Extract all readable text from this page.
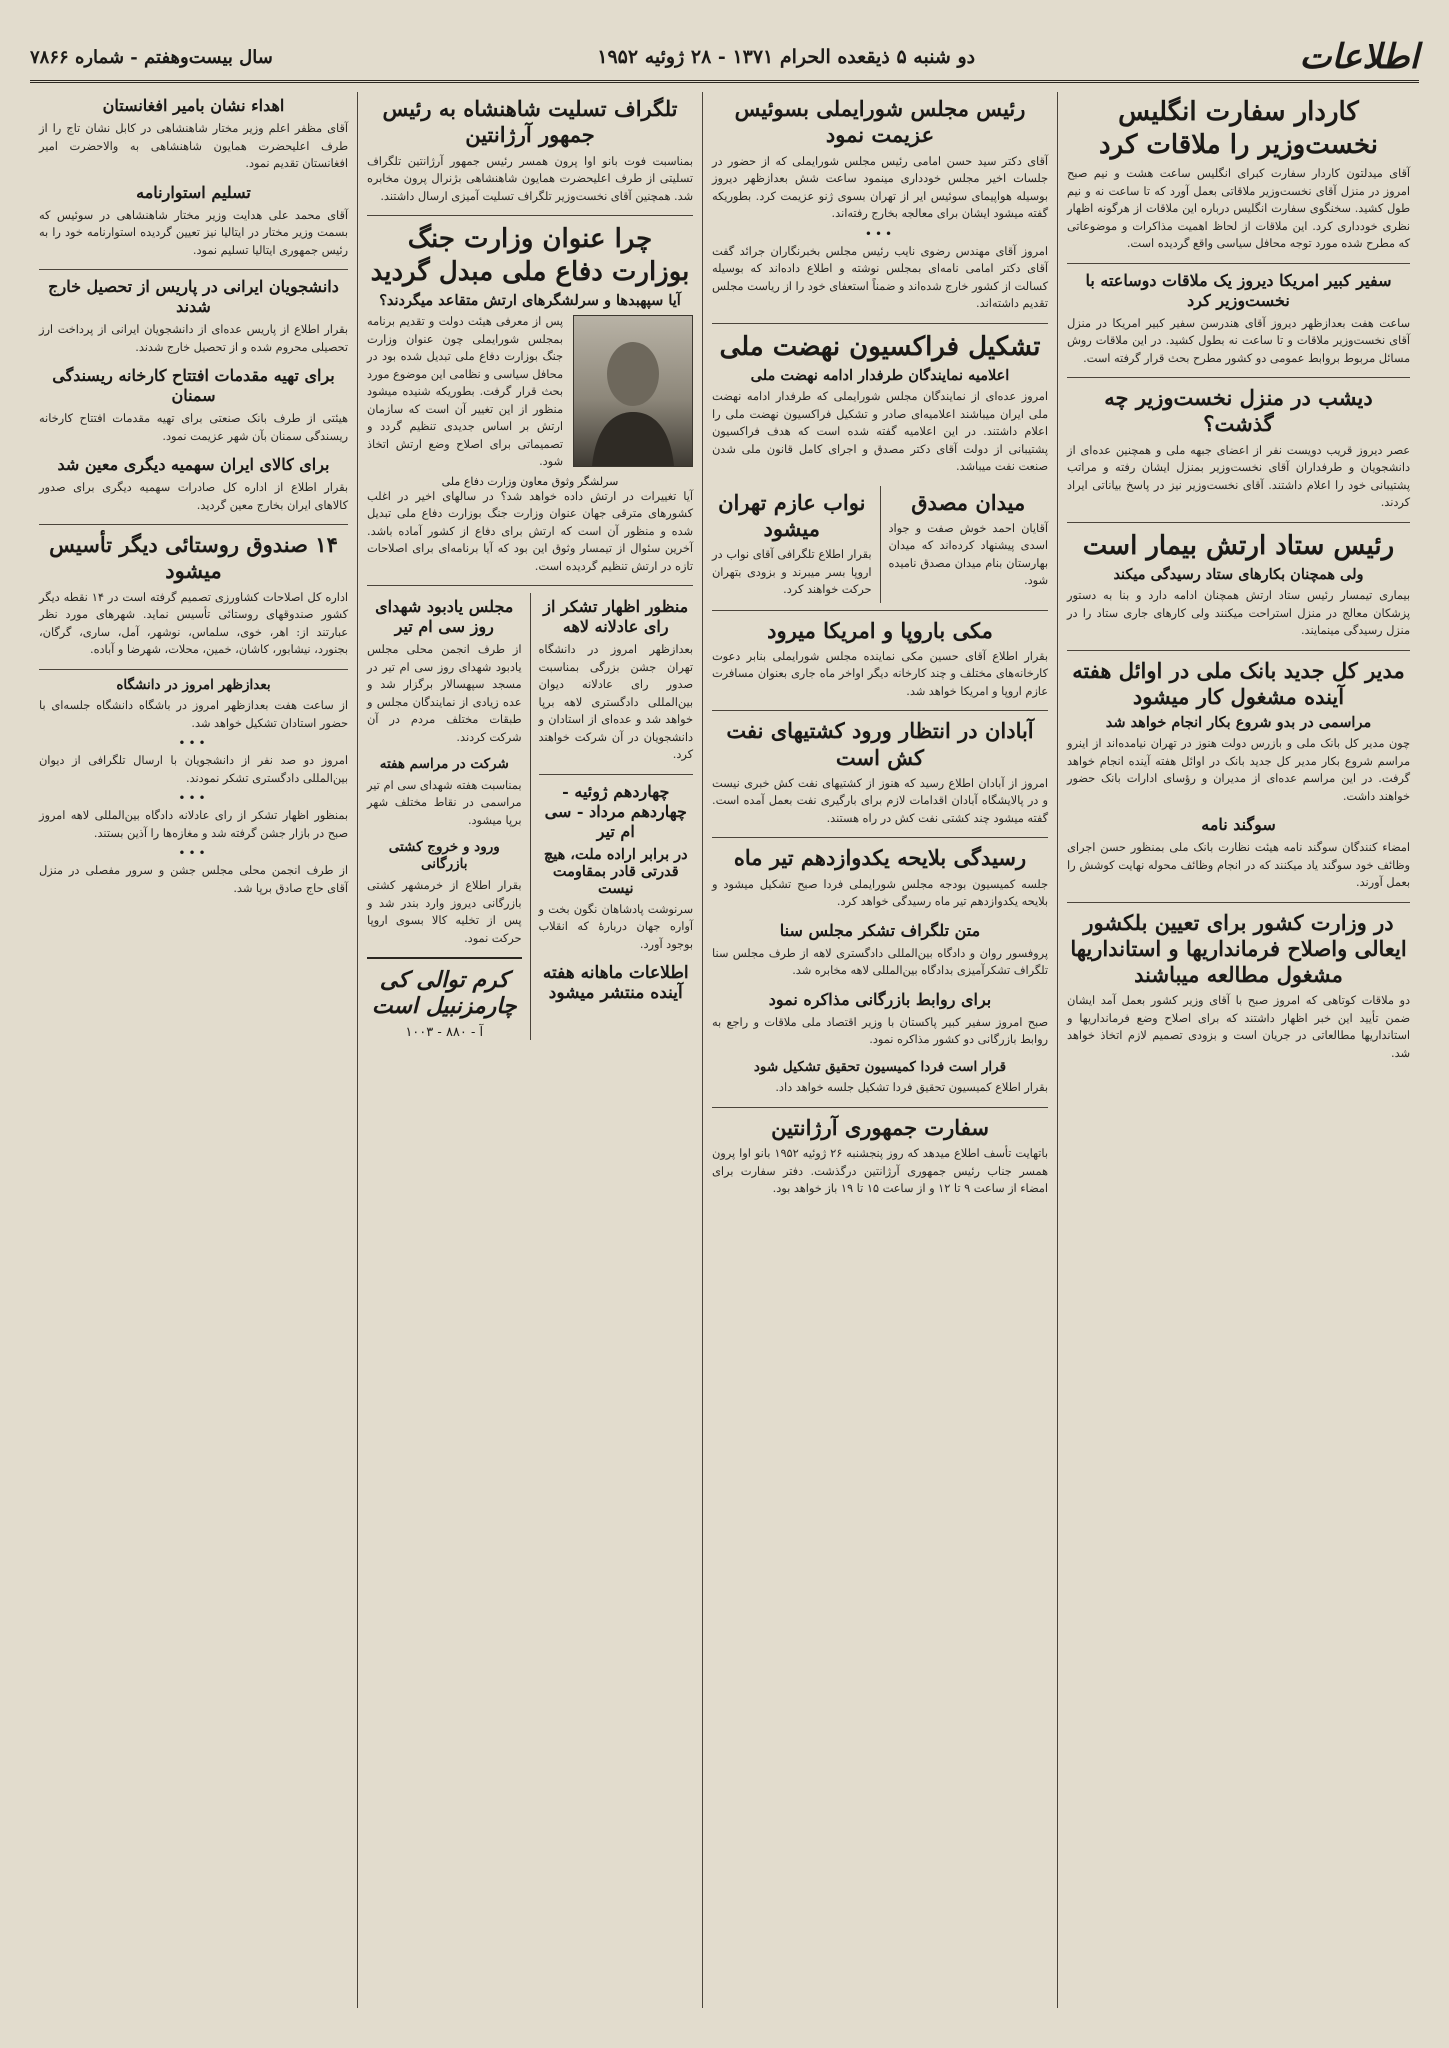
اطلاعات
دو شنبه ۵ ذیقعده الحرام ۱۳۷۱ - ۲۸ ژوئیه ۱۹۵۲
سال بیست‌وهفتم - شماره ۷۸۶۶
کاردار سفارت انگلیس نخست‌وزیر را ملاقات کرد

آقای میدلتون کاردار سفارت کبرای انگلیس ساعت هشت و نیم صبح امروز در منزل آقای نخست‌وزیر ملاقاتی بعمل آورد که تا ساعت نه و نیم طول کشید. سخنگوی سفارت انگلیس درباره این ملاقات از هرگونه اظهار نظری خودداری کرد. این ملاقات از لحاظ اهمیت مذاکرات و موضوعاتی که مطرح شده مورد توجه محافل سیاسی واقع گردیده است.

سفیر کبیر امریکا دیروز یک ملاقات دوساعته با نخست‌وزیر کرد

ساعت هفت بعدازظهر دیروز آقای هندرسن سفیر کبیر امریکا در منزل آقای نخست‌وزیر ملاقات و تا ساعت نه بطول کشید. در این ملاقات روش مسائل مربوط بروابط عمومی دو کشور مطرح بحث قرار گرفته است.

دیشب در منزل نخست‌وزیر چه گذشت؟

عصر دیروز قریب دویست نفر از اعضای جبهه ملی و همچنین عده‌ای از دانشجویان و طرفداران آقای نخست‌وزیر بمنزل ایشان رفته و مراتب پشتیبانی خود را اعلام داشتند. آقای نخست‌وزیر نیز در پاسخ بیاناتی ایراد کردند.

رئیس ستاد ارتش بیمار است
ولی همچنان بکارهای ستاد رسیدگی میکند

بیماری تیمسار رئیس ستاد ارتش همچنان ادامه دارد و بنا به دستور پزشکان معالج در منزل استراحت میکنند ولی کارهای جاری ستاد را در منزل رسیدگی مینمایند.

مدیر کل جدید بانک ملی در اوائل هفته آینده مشغول کار میشود
مراسمی در بدو شروع بکار انجام خواهد شد

چون مدیر کل بانک ملی و بازرس دولت هنوز در تهران نیامده‌اند از اینرو مراسم شروع بکار مدیر کل جدید بانک در اوائل هفته آینده انجام خواهد گرفت. در این مراسم عده‌ای از مدیران و رؤسای ادارات بانک حضور خواهند داشت.

سوگند نامه

امضاء کنندگان سوگند نامه هیئت نظارت بانک ملی بمنظور حسن اجرای وظائف خود سوگند یاد میکنند که در انجام وظائف محوله نهایت کوشش را بعمل آورند.

در وزارت کشور برای تعیین بلکشور ایعالی واصلاح فرمانداریها و استانداریها مشغول مطالعه میباشند

دو ملاقات کوتاهی که امروز صبح با آقای وزیر کشور بعمل آمد ایشان ضمن تأیید این خبر اظهار داشتند که برای اصلاح وضع فرمانداریها و استانداریها مطالعاتی در جریان است و بزودی تصمیم لازم اتخاذ خواهد شد.

رئیس مجلس شورایملی بسوئیس عزیمت نمود

آقای دکتر سید حسن امامی رئیس مجلس شورایملی که از حضور در جلسات اخیر مجلس خودداری مینمود ساعت شش بعدازظهر دیروز بوسیله هواپیمای سوئیس ایر از تهران بسوی ژنو عزیمت کرد. بطوریکه گفته میشود ایشان برای معالجه بخارج رفته‌اند.

•••

امروز آقای مهندس رضوی نایب رئیس مجلس بخبرنگاران جرائد گفت آقای دکتر امامی نامه‌ای بمجلس نوشته و اطلاع داده‌اند که بوسیله کسالت از کشور خارج شده‌اند و ضمناً استعفای خود را از ریاست مجلس تقدیم داشته‌اند.

تشکیل فراکسیون نهضت ملی
اعلامیه نمایندگان طرفدار ادامه نهضت ملی

امروز عده‌ای از نمایندگان مجلس شورایملی که طرفدار ادامه نهضت ملی ایران میباشند اعلامیه‌ای صادر و تشکیل فراکسیون نهضت ملی را اعلام داشتند. در این اعلامیه گفته شده است که هدف فراکسیون پشتیبانی از دولت آقای دکتر مصدق و اجرای کامل قانون ملی شدن صنعت نفت میباشد.

میدان مصدق

آقایان احمد خوش صفت و جواد اسدی پیشنهاد کرده‌اند که میدان بهارستان بنام میدان مصدق نامیده شود.

نواب عازم تهران میشود

بقرار اطلاع تلگرافی آقای نواب در اروپا بسر میبرند و بزودی بتهران حرکت خواهند کرد.

مکی باروپا و امریکا میرود

بقرار اطلاع آقای حسین مکی نماینده مجلس شورایملی بنابر دعوت کارخانه‌های مختلف و چند کارخانه دیگر اواخر ماه جاری بعنوان مسافرت عازم اروپا و امریکا خواهد شد.

آبادان در انتظار ورود کشتیهای نفت کش است

امروز از آبادان اطلاع رسید که هنوز از کشتیهای نفت کش خبری نیست و در پالایشگاه آبادان اقدامات لازم برای بارگیری نفت بعمل آمده است. گفته میشود چند کشتی نفت کش در راه هستند.

رسیدگی بلایحه یکدوازدهم تیر ماه

جلسه کمیسیون بودجه مجلس شورایملی فردا صبح تشکیل میشود و بلایحه یکدوازدهم تیر ماه رسیدگی خواهد کرد.

متن تلگراف تشکر مجلس سنا

پروفسور روان و دادگاه بین‌المللی دادگستری لاهه از طرف مجلس سنا تلگراف تشکرآمیزی بدادگاه بین‌المللی لاهه مخابره شد.

برای روابط بازرگانی مذاکره نمود

صبح امروز سفیر کبیر پاکستان با وزیر اقتصاد ملی ملاقات و راجع به روابط بازرگانی دو کشور مذاکره نمود.

قرار است فردا کمیسیون تحقیق تشکیل شود

بقرار اطلاع کمیسیون تحقیق فردا تشکیل جلسه خواهد داد.

سفارت جمهوری آرژانتین

باتهایت تأسف اطلاع میدهد که روز پنجشنبه ۲۶ ژوئیه ۱۹۵۲ بانو اوا پرون همسر جناب رئیس جمهوری آرژانتین درگذشت. دفتر سفارت برای امضاء از ساعت ۹ تا ۱۲ و از ساعت ۱۵ تا ۱۹ باز خواهد بود.

تلگراف تسلیت شاهنشاه به رئیس جمهور آرژانتین

بمناسبت فوت بانو اوا پرون همسر رئیس جمهور آرژانتین تلگراف تسلیتی از طرف اعلیحضرت همایون شاهنشاهی بژنرال پرون مخابره شد. همچنین آقای نخست‌وزیر تلگراف تسلیت آمیزی ارسال داشتند.

چرا عنوان وزارت جنگ بوزارت دفاع ملی مبدل گردید
آیا سپهبدها و سرلشگرهای ارتش متقاعد میگردند؟

پس از معرفی هیئت دولت و تقدیم برنامه بمجلس شورایملی چون عنوان وزارت جنگ بوزارت دفاع ملی تبدیل شده بود در محافل سیاسی و نظامی این موضوع مورد بحث قرار گرفت. بطوریکه شنیده میشود منظور از این تغییر آن است که سازمان ارتش بر اساس جدیدی تنظیم گردد و تصمیماتی برای اصلاح وضع ارتش اتخاذ شود.

سرلشگر وثوق معاون وزارت دفاع ملی

آیا تغییرات در ارتش داده خواهد شد؟ در سالهای اخیر در اغلب کشورهای مترقی جهان عنوان وزارت جنگ بوزارت دفاع ملی تبدیل شده و منظور آن است که ارتش برای دفاع از کشور آماده باشد. آخرین سئوال از تیمسار وثوق این بود که آیا برنامه‌ای برای اصلاحات تازه در ارتش تنظیم گردیده است.

منظور اظهار تشکر از رای عادلانه لاهه

بعدازظهر امروز در دانشگاه تهران جشن بزرگی بمناسبت صدور رای عادلانه دیوان بین‌المللی دادگستری لاهه برپا خواهد شد و عده‌ای از استادان و دانشجویان در آن شرکت خواهند کرد.

چهاردهم ژوئیه - چهاردهم مرداد - سی ام تیر
در برابر اراده ملت، هیچ قدرتی قادر بمقاومت نیست

سرنوشت پادشاهان نگون بخت و آواره جهان دربارهٔ که انقلاب بوجود آورد.

اطلاعات ماهانه هفته آینده منتشر میشود
مجلس یادبود شهدای روز سی ام تیر

از طرف انجمن محلی مجلس یادبود شهدای روز سی ام تیر در مسجد سپهسالار برگزار شد و عده زیادی از نمایندگان مجلس و طبقات مختلف مردم در آن شرکت کردند.

شرکت در مراسم هفته

بمناسبت هفته شهدای سی ام تیر مراسمی در نقاط مختلف شهر برپا میشود.

ورود و خروج کشتی بازرگانی

بقرار اطلاع از خرمشهر کشتی بازرگانی دیروز وارد بندر شد و پس از تخلیه کالا بسوی اروپا حرکت نمود.

کرم توالی کی چارمزنبیل است
آ - ۸۸۰ - ۱۰۰۳
اهداء نشان بامیر افغانستان

آقای مظفر اعلم وزیر مختار شاهنشاهی در کابل نشان تاج را از طرف اعلیحضرت همایون شاهنشاهی به والاحضرت امیر افغانستان تقدیم نمود.

تسلیم استوارنامه

آقای محمد علی هدایت وزیر مختار شاهنشاهی در سوئیس که بسمت وزیر مختار در ایتالیا نیز تعیین گردیده استوارنامه خود را به رئیس جمهوری ایتالیا تسلیم نمود.

دانشجویان ایرانی در پاریس از تحصیل خارج شدند

بقرار اطلاع از پاریس عده‌ای از دانشجویان ایرانی از پرداخت ارز تحصیلی محروم شده و از تحصیل خارج شدند.

برای تهیه مقدمات افتتاح کارخانه ریسندگی سمنان

هیئتی از طرف بانک صنعتی برای تهیه مقدمات افتتاح کارخانه ریسندگی سمنان بآن شهر عزیمت نمود.

برای کالای ایران سهمیه دیگری معین شد

بقرار اطلاع از اداره کل صادرات سهمیه دیگری برای صدور کالاهای ایران بخارج معین گردید.

۱۴ صندوق روستائی دیگر تأسیس میشود

اداره کل اصلاحات کشاورزی تصمیم گرفته است در ۱۴ نقطه دیگر کشور صندوقهای روستائی تأسیس نماید. شهرهای مورد نظر عبارتند از: اهر، خوی، سلماس، نوشهر، آمل، ساری، گرگان، بجنورد، نیشابور، کاشان، خمین، محلات، شهرضا و آباده.

بعدازظهر امروز در دانشگاه

از ساعت هفت بعدازظهر امروز در باشگاه دانشگاه جلسه‌ای با حضور استادان تشکیل خواهد شد.

•••

امروز دو صد نفر از دانشجویان با ارسال تلگرافی از دیوان بین‌المللی دادگستری تشکر نمودند.

•••

بمنظور اظهار تشکر از رای عادلانه دادگاه بین‌المللی لاهه امروز صبح در بازار جشن گرفته شد و مغازه‌ها را آذین بستند.

•••

از طرف انجمن محلی مجلس جشن و سرور مفصلی در منزل آقای حاج صادق برپا شد.
